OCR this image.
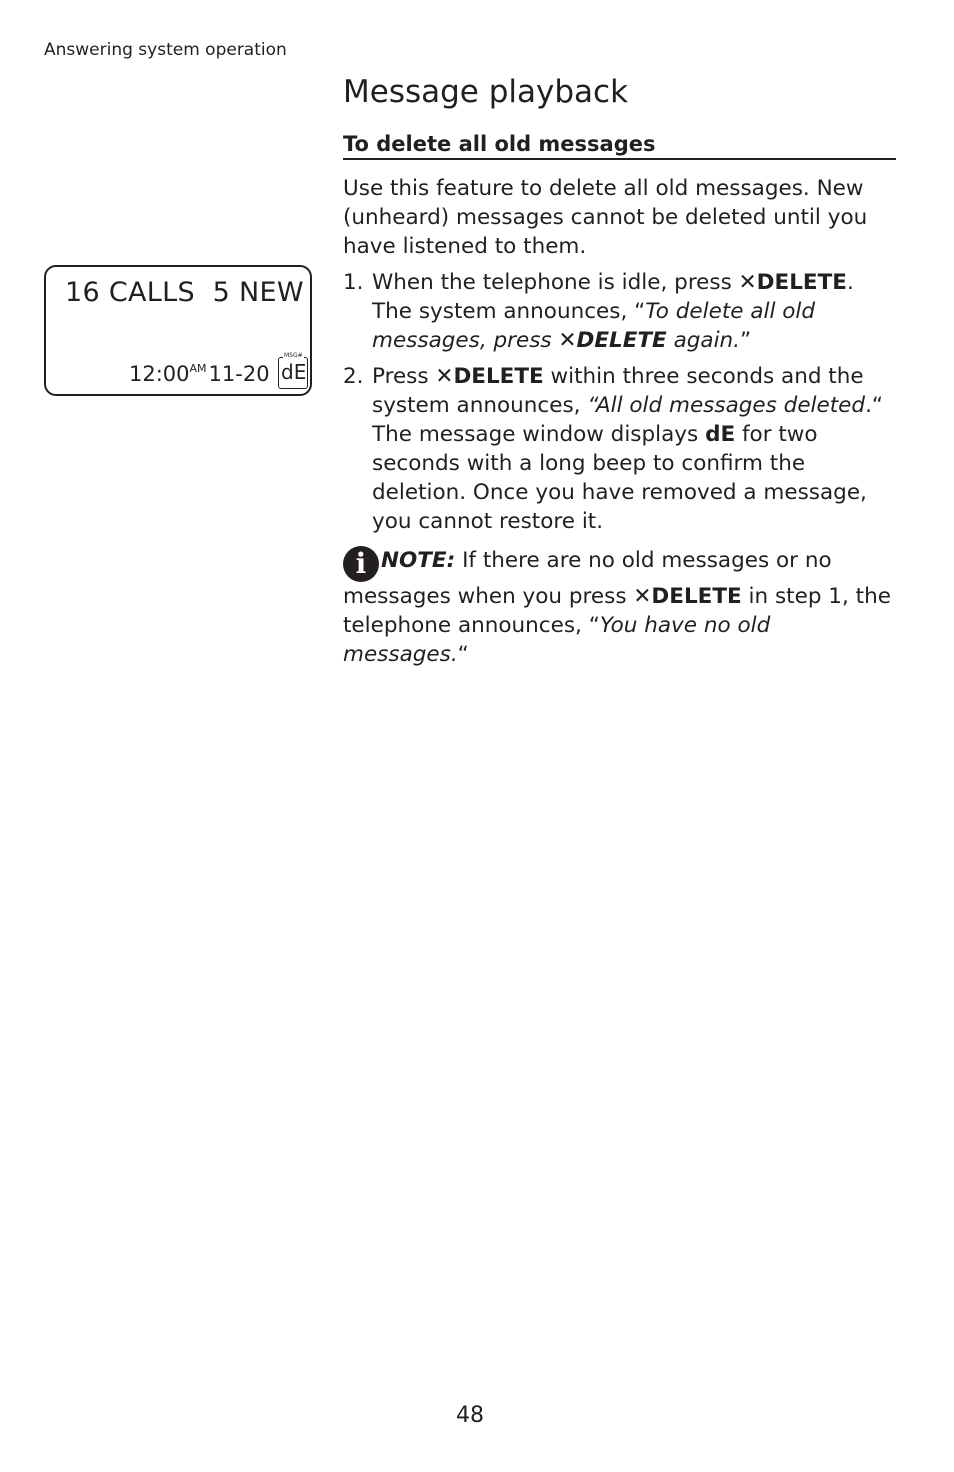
Answering system operation
Message playback
To delete all old messages

Use this feature to delete all old messages. New (unheard) messages cannot be deleted until you have listened to them.

16 CALLS  5 NEW
$12:00^{AM}11-20$
MSG#
dE
1. When the telephone is idle, press ✕DELETE. The system announces, “To delete all old messages, press ✕DELETE again.”
2. Press ✕DELETE within three seconds and the system announces, “All old messages deleted.“ The message window displays dE for two seconds with a long beep to confirm the deletion. Once you have removed a message, you cannot restore it.

i NOTE: If there are no old messages or no messages when you press ✕DELETE in step 1, the telephone announces, “You have no old messages.“

48
